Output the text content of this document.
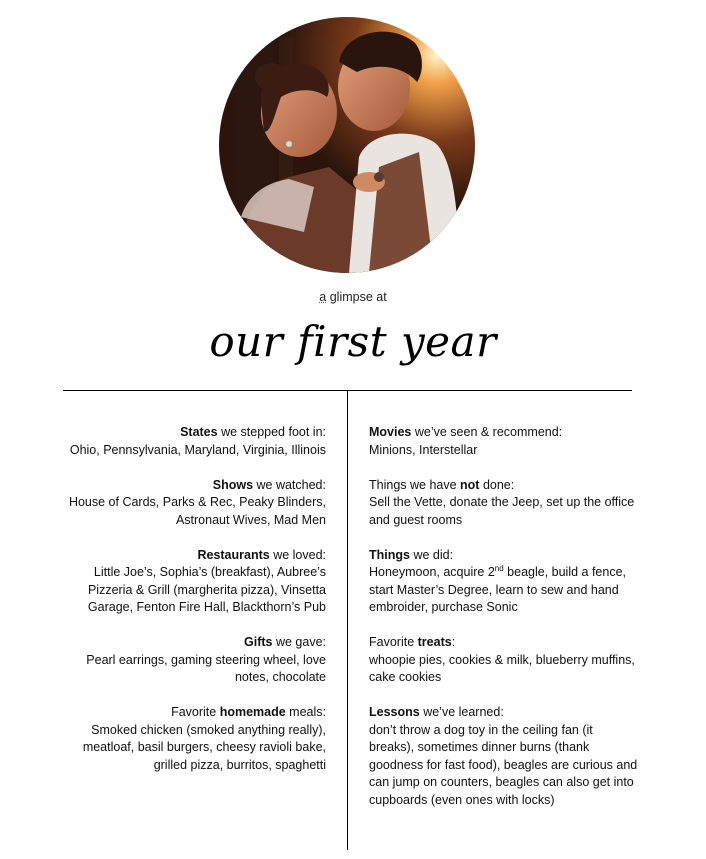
a glimpse at
our first year

States we stepped foot in:

Ohio, Pennsylvania, Maryland, Virginia, Illinois

Shows we watched:

House of Cards, Parks & Rec, Peaky Blinders, Astronaut Wives, Mad Men

Restaurants we loved:

Little Joe’s, Sophia’s (breakfast), Aubree’s Pizzeria & Grill (margherita pizza), Vinsetta Garage, Fenton Fire Hall, Blackthorn’s Pub

Gifts we gave:

Pearl earrings, gaming steering wheel, love notes, chocolate

Favorite homemade meals:

Smoked chicken (smoked anything really), meatloaf, basil burgers, cheesy ravioli bake, grilled pizza, burritos, spaghetti

Movies we’ve seen & recommend:

Minions, Interstellar

Things we have not done:

Sell the Vette, donate the Jeep, set up the office and guest rooms

Things we did:

Honeymoon, acquire 2nd beagle, build a fence, start Master’s Degree, learn to sew and hand embroider, purchase Sonic

Favorite treats:

whoopie pies, cookies & milk, blueberry muffins, cake cookies

Lessons we’ve learned:

don’t throw a dog toy in the ceiling fan (it breaks), sometimes dinner burns (thank goodness for fast food), beagles are curious and can jump on counters, beagles can also get into cupboards (even ones with locks)
